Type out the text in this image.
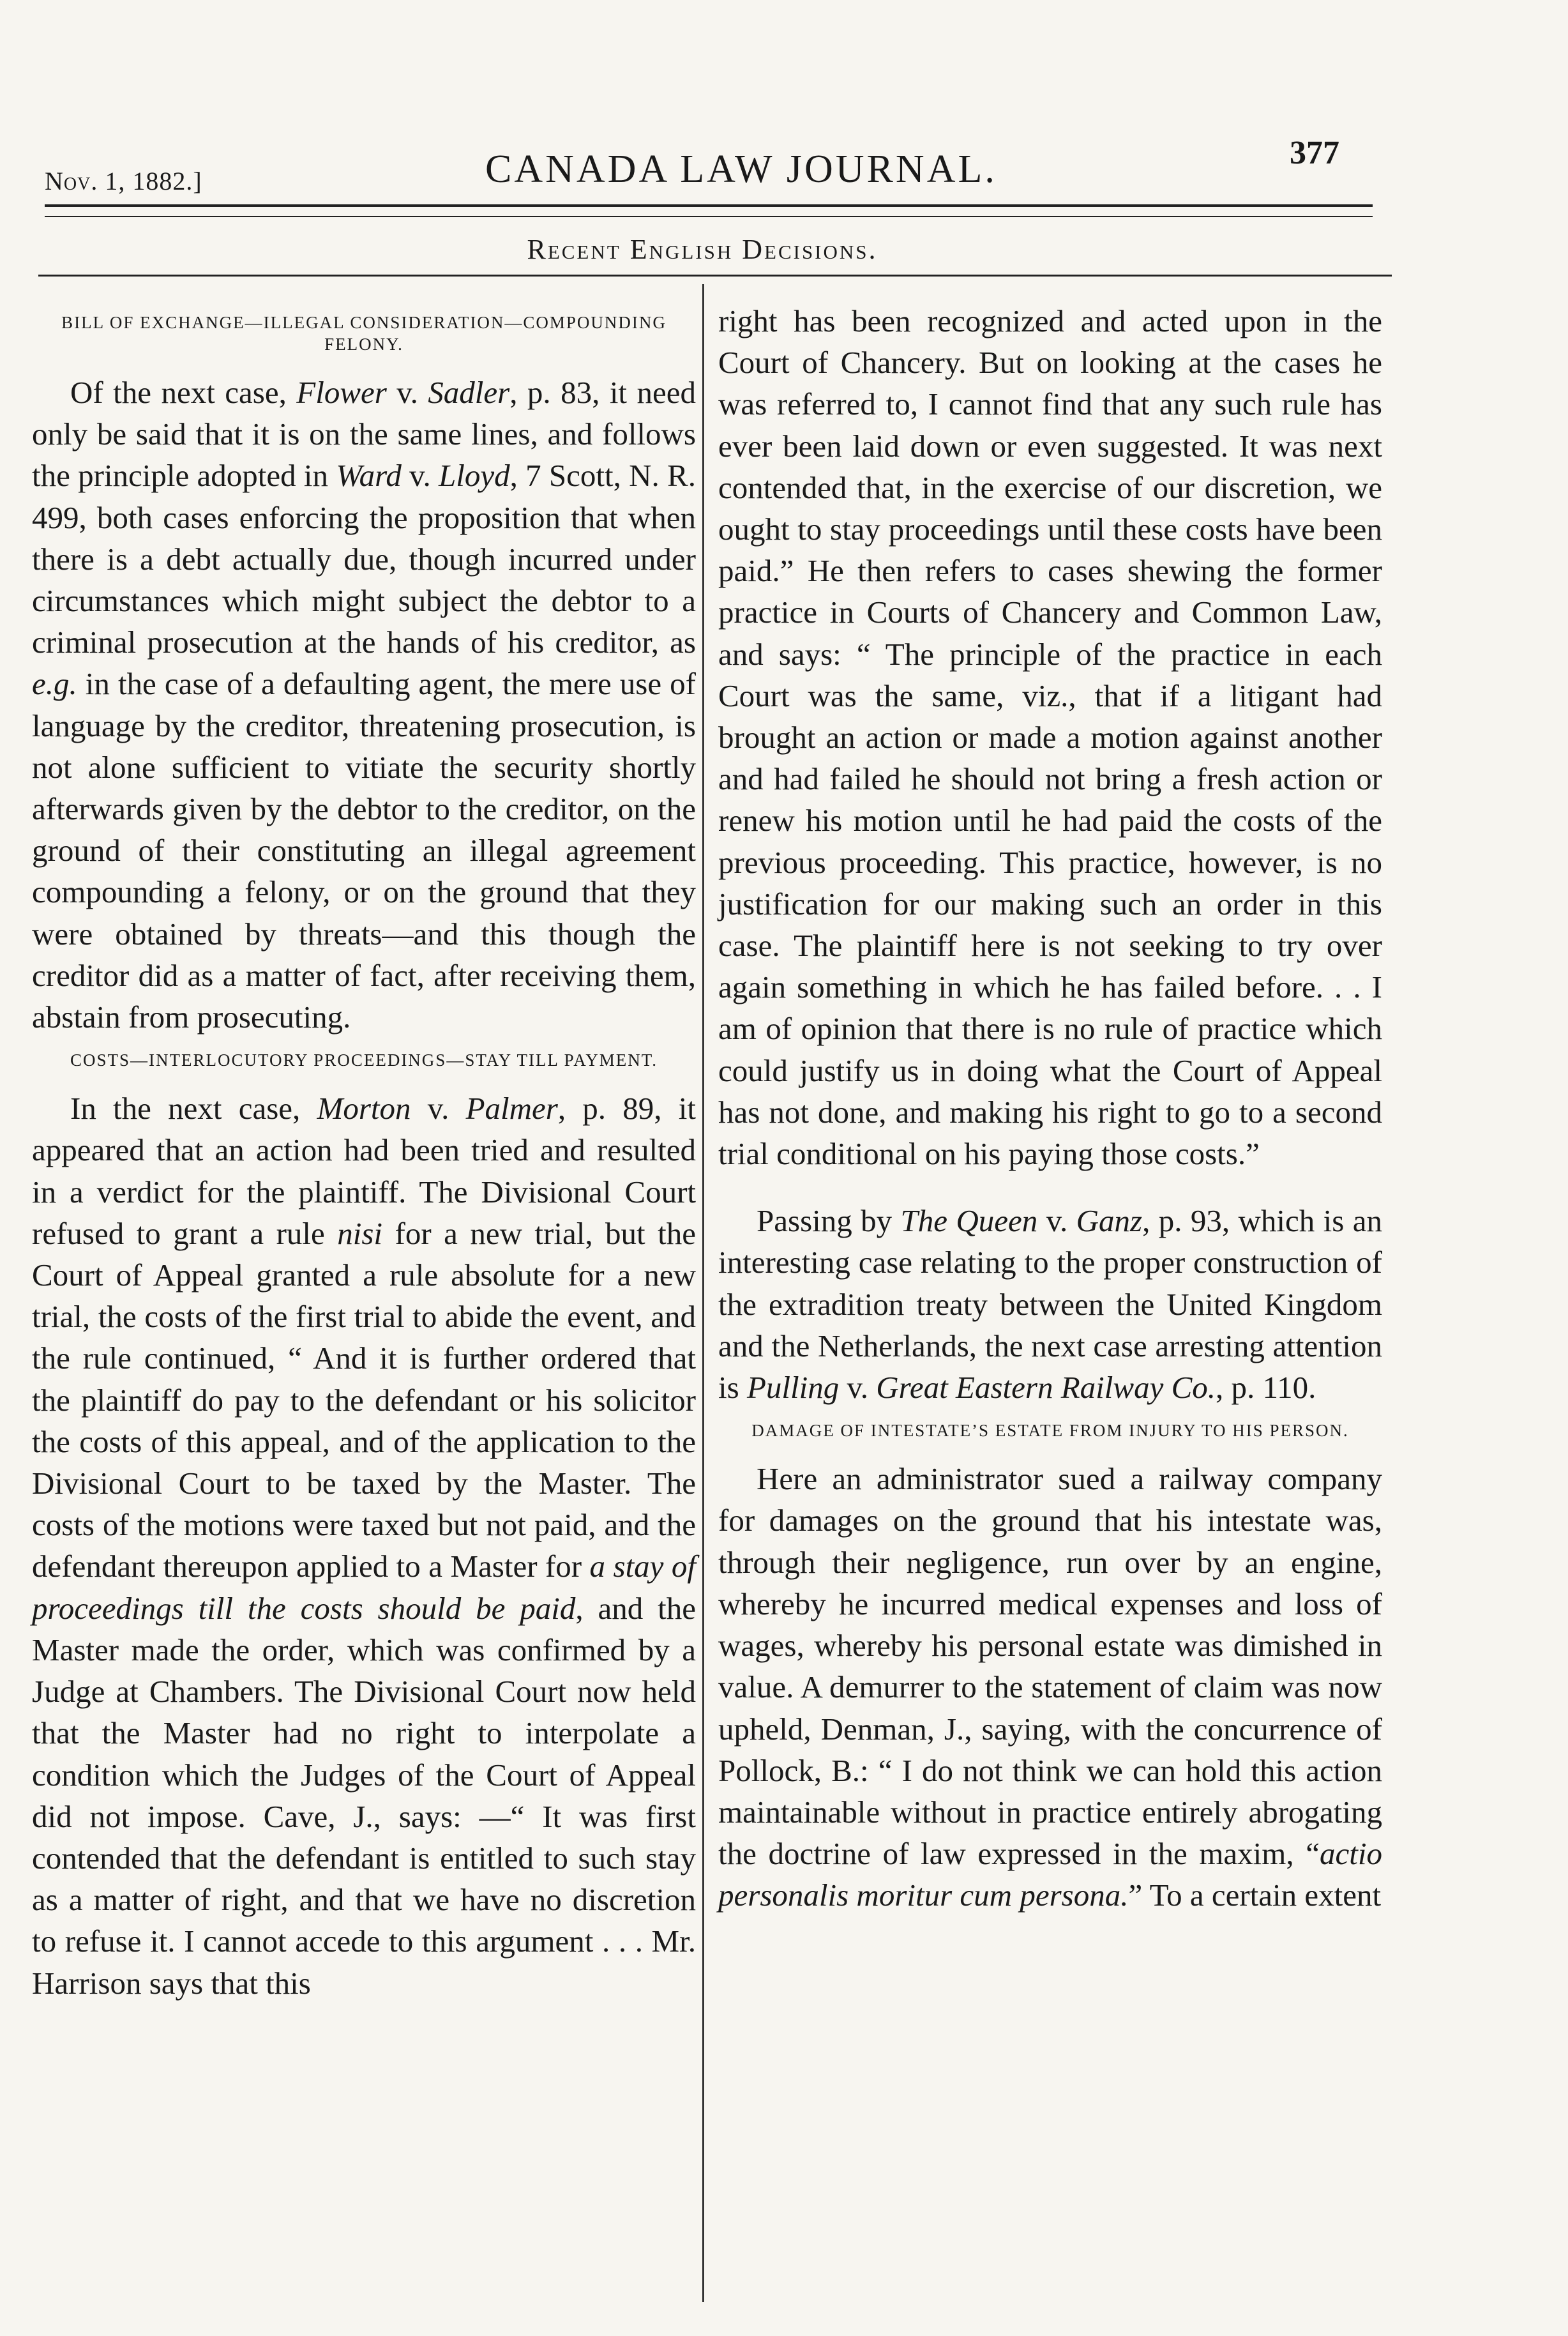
Nov. 1, 1882.]	CANADA LAW JOURNAL.	377
Recent English Decisions.
BILL OF EXCHANGE—ILLEGAL CONSIDERATION—COMPOUNDING FELONY.

Of the next case, Flower v. Sadler, p. 83, it need only be said that it is on the same lines, and follows the principle adopted in Ward v. Lloyd, 7 Scott, N. R. 499, both cases enforcing the proposition that when there is a debt actually due, though incurred under circumstances which might subject the debtor to a criminal prosecution at the hands of his creditor, as e.g. in the case of a defaulting agent, the mere use of language by the creditor, threatening prosecution, is not alone sufficient to vitiate the security shortly afterwards given by the debtor to the creditor, on the ground of their constituting an illegal agreement compounding a felony, or on the ground that they were obtained by threats—and this though the creditor did as a matter of fact, after receiving them, abstain from prosecuting.

COSTS—INTERLOCUTORY PROCEEDINGS—STAY TILL PAYMENT.

In the next case, Morton v. Palmer, p. 89, it appeared that an action had been tried and resulted in a verdict for the plaintiff. The Divisional Court refused to grant a rule nisi for a new trial, but the Court of Appeal granted a rule absolute for a new trial, the costs of the first trial to abide the event, and the rule continued, “ And it is further ordered that the plaintiff do pay to the defendant or his solicitor the costs of this appeal, and of the application to the Divisional Court to be taxed by the Master. The costs of the motions were taxed but not paid, and the defendant thereupon applied to a Master for a stay of proceedings till the costs should be paid, and the Master made the order, which was confirmed by a Judge at Chambers. The Divisional Court now held that the Master had no right to interpolate a condition which the Judges of the Court of Appeal did not impose. Cave, J., says: —“ It was first contended that the defendant is entitled to such stay as a matter of right, and that we have no discretion to refuse it. I cannot accede to this argument . . . Mr. Harrison says that this

right has been recognized and acted upon in the Court of Chancery. But on looking at the cases he was referred to, I cannot find that any such rule has ever been laid down or even suggested. It was next contended that, in the exercise of our discretion, we ought to stay proceedings until these costs have been paid.” He then refers to cases shewing the former practice in Courts of Chancery and Common Law, and says: “ The principle of the practice in each Court was the same, viz., that if a litigant had brought an action or made a motion against another and had failed he should not bring a fresh action or renew his motion until he had paid the costs of the previous proceeding. This practice, however, is no justification for our making such an order in this case. The plaintiff here is not seeking to try over again something in which he has failed before. . . I am of opinion that there is no rule of practice which could justify us in doing what the Court of Appeal has not done, and making his right to go to a second trial conditional on his paying those costs.”

Passing by The Queen v. Ganz, p. 93, which is an interesting case relating to the proper construction of the extradition treaty between the United Kingdom and the Netherlands, the next case arresting attention is Pulling v. Great Eastern Railway Co., p. 110.

DAMAGE OF INTESTATE’S ESTATE FROM INJURY TO HIS PERSON.

Here an administrator sued a railway company for damages on the ground that his intestate was, through their negligence, run over by an engine, whereby he incurred medical expenses and loss of wages, whereby his personal estate was dimished in value. A demurrer to the statement of claim was now upheld, Denman, J., saying, with the concurrence of Pollock, B.: “ I do not think we can hold this action maintainable without in practice entirely abrogating the doctrine of law expressed in the maxim, “actio personalis moritur cum persona.” To a certain extent
